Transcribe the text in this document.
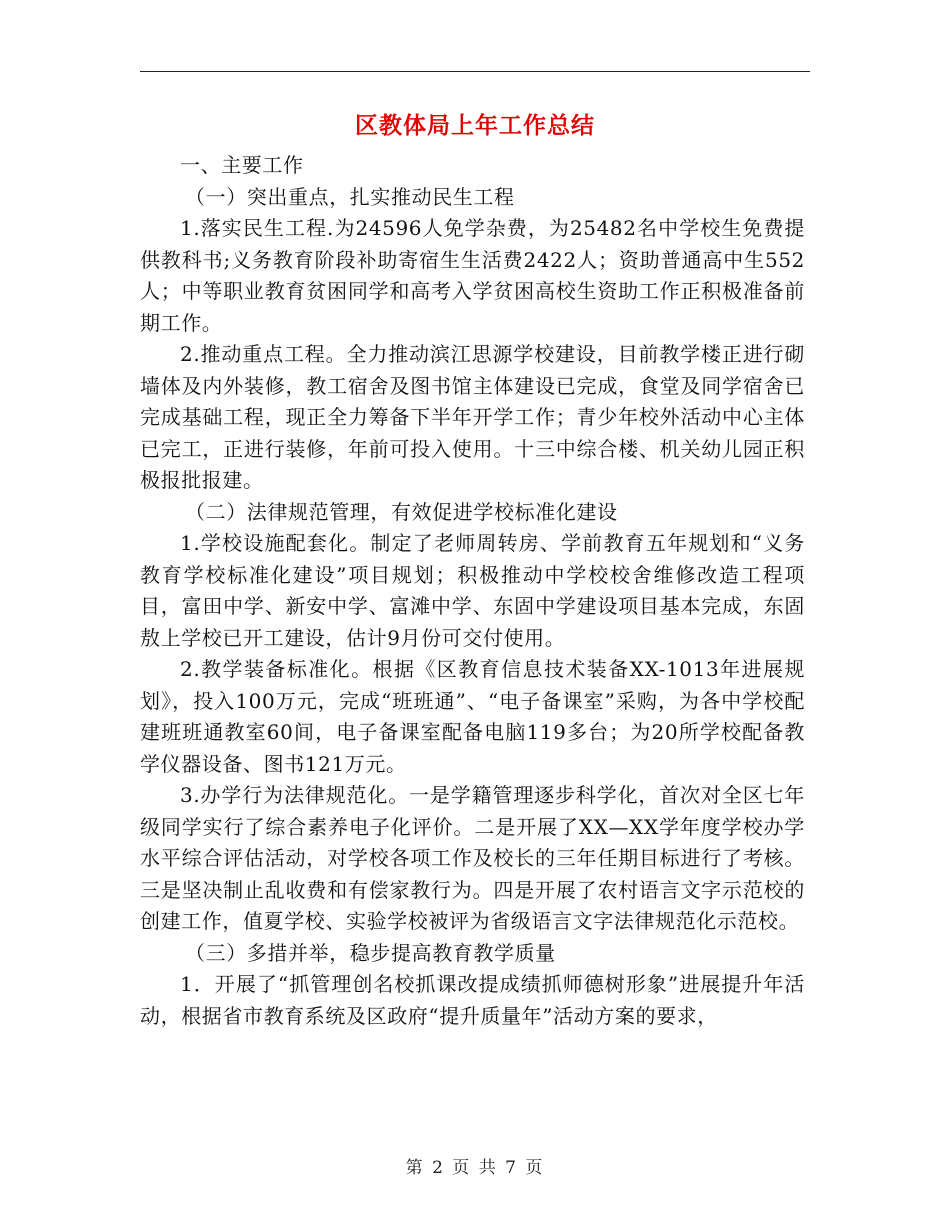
区教体局上年工作总结

一、主要工作

（一）突出重点，扎实推动民生工程

1.落实民生工程.为24596人免学杂费，为25482名中学校生免费提供教科书;义务教育阶段补助寄宿生生活费2422人；资助普通高中生552人；中等职业教育贫困同学和高考入学贫困高校生资助工作正积极准备前期工作。

2.推动重点工程。全力推动滨江思源学校建设，目前教学楼正进行砌墙体及内外装修，教工宿舍及图书馆主体建设已完成，食堂及同学宿舍已完成基础工程，现正全力筹备下半年开学工作；青少年校外活动中心主体已完工，正进行装修，年前可投入使用。十三中综合楼、机关幼儿园正积极报批报建。

（二）法律规范管理，有效促进学校标准化建设

1.学校设施配套化。制定了老师周转房、学前教育五年规划和“义务教育学校标准化建设”项目规划；积极推动中学校校舍维修改造工程项目，富田中学、新安中学、富滩中学、东固中学建设项目基本完成，东固敖上学校已开工建设，估计9月份可交付使用。

2.教学装备标准化。根据《区教育信息技术装备XX-1013年进展规划》，投入100万元，完成“班班通”、“电子备课室”采购，为各中学校配建班班通教室60间，电子备课室配备电脑119多台；为20所学校配备教学仪器设备、图书121万元。

3.办学行为法律规范化。一是学籍管理逐步科学化，首次对全区七年级同学实行了综合素养电子化评价。二是开展了XX—XX学年度学校办学水平综合评估活动，对学校各项工作及校长的三年任期目标进行了考核。三是坚决制止乱收费和有偿家教行为。四是开展了农村语言文字示范校的创建工作，值夏学校、实验学校被评为省级语言文字法律规范化示范校。

（三）多措并举，稳步提高教育教学质量

1．开展了“抓管理创名校抓课改提成绩抓师德树形象”进展提升年活动，根据省市教育系统及区政府“提升质量年”活动方案的要求，

第 2 页 共 7 页
